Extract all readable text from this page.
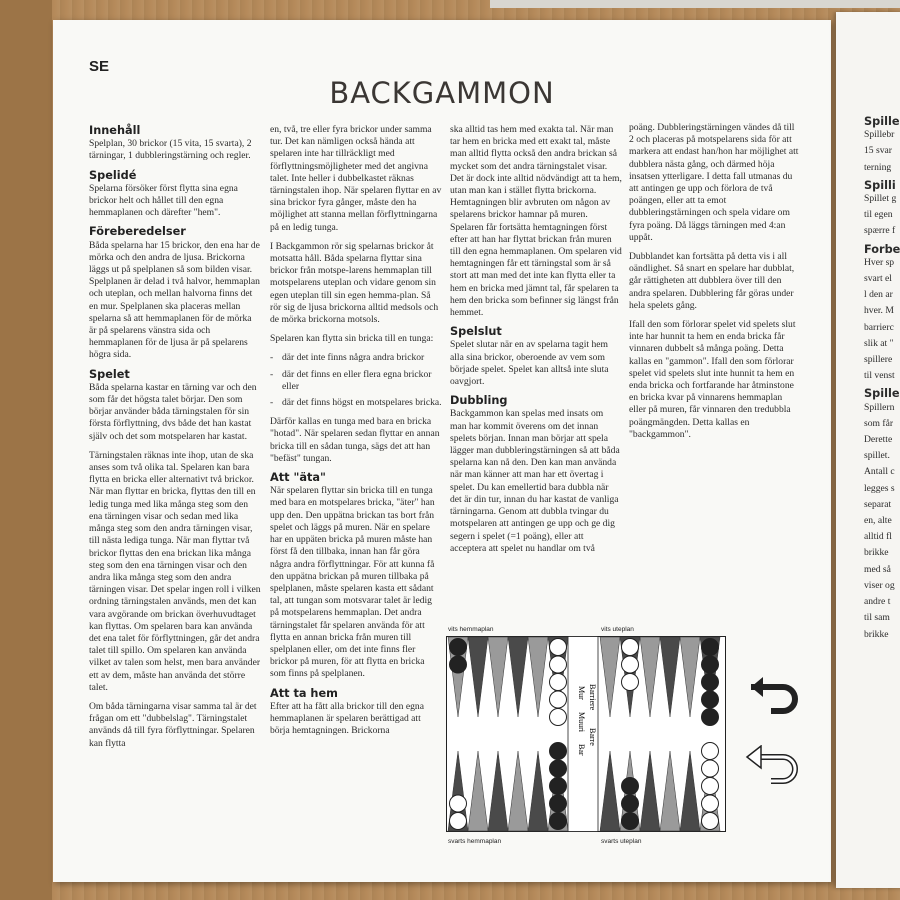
SE
BACKGAMMON
Innehåll

Spelplan, 30 brickor (15 vita, 15 svarta), 2 tärningar, 1 dubbleringstärning och regler.

Spelidé

Spelarna försöker först flytta sina egna brickor helt och hållet till den egna hemmaplanen och därefter "hem".

Föreberedelser

Båda spelarna har 15 brickor, den ena har de mörka och den andra de ljusa. Brickorna läggs ut på spelplanen så som bilden visar. Spelplanen är delad i två halvor, hemmaplan och uteplan, och mellan halvorna finns det en mur. Spelplanen ska placeras mellan spelarna så att hemmaplanen för de mörka är på spelarens vänstra sida och hemmaplanen för de ljusa är på spelarens högra sida.

Spelet

Båda spelarna kastar en tärning var och den som får det högsta talet börjar. Den som börjar använder båda tärningstalen för sin första förflyttning, dvs både det han kastat själv och det som motspelaren har kastat.

Tärningstalen räknas inte ihop, utan de ska anses som två olika tal. Spelaren kan bara flytta en bricka eller alternativt två brickor. När man flyttar en bricka, flyttas den till en ledig tunga med lika många steg som den ena tärningen visar och sedan med lika många steg som den andra tärningen visar, till nästa lediga tunga. När man flyttar två brickor flyttas den ena brickan lika många steg som den ena tärningen visar och den andra lika många steg som den andra tärningen visar. Det spelar ingen roll i vilken ordning tärningstalen används, men det kan vara avgörande om brickan överhuvudtaget kan flyttas. Om spelaren bara kan använda det ena talet för förflyttningen, går det andra talet till spillo. Om spelaren kan använda vilket av talen som helst, men bara använder ett av dem, måste han använda det större talet.

Om båda tärningarna visar samma tal är det frågan om ett "dubbelslag". Tärningstalet används då till fyra förflyttningar. Spelaren kan flytta

en, två, tre eller fyra brickor under samma tur. Det kan nämligen också hända att spelaren inte har tillräckligt med förflyttningsmöjligheter med det angivna talet. Inte heller i dubbelkastet räknas tärningstalen ihop. När spelaren flyttar en av sina brickor fyra gånger, måste den ha möjlighet att stanna mellan förflyttningarna på en ledig tunga.

I Backgammon rör sig spelarnas brickor åt motsatta håll. Båda spelarna flyttar sina brickor från motspe-larens hemmaplan till motspelarens uteplan och vidare genom sin egen uteplan till sin egen hemma-plan. Så rör sig de ljusa brickorna alltid medsols och de mörka brickorna motsols.

Spelaren kan flytta sin bricka till en tunga:

- där det inte finns några andra brickor
- där det finns en eller flera egna brickor eller
- där det finns högst en motspelares bricka.

Därför kallas en tunga med bara en bricka "hotad". När spelaren sedan flyttar en annan bricka till en sådan tunga, sägs det att han "befäst" tungan.

Att "äta"

När spelaren flyttar sin bricka till en tunga med bara en motspelares bricka, "äter" han upp den. Den uppätna brickan tas bort från spelet och läggs på muren. När en spelare har en uppäten bricka på muren måste han först få den tillbaka, innan han får göra några andra förflyttningar. För att kunna få den uppätna brickan på muren tillbaka på spelplanen, måste spelaren kasta ett sådant tal, att tungan som motsvarar talet är ledig på motspelarens hemmaplan. Det andra tärningstalet får spelaren använda för att flytta en annan bricka från muren till spelplanen eller, om det inte finns fler brickor på muren, för att flytta en bricka som finns på spelplanen.

Att ta hem

Efter att ha fått alla brickor till den egna hemmaplanen är spelaren berättigad att börja hemtagningen. Brickorna

ska alltid tas hem med exakta tal. När man tar hem en bricka med ett exakt tal, måste man alltid flytta också den andra brickan så mycket som det andra tärningstalet visar. Det är dock inte alltid nödvändigt att ta hem, utan man kan i stället flytta brickorna. Hemtagningen blir avbruten om någon av spelarens brickor hamnar på muren. Spelaren får fortsätta hemtagningen först efter att han har flyttat brickan från muren till den egna hemmaplanen. Om spelaren vid hemtagningen får ett tärningstal som är så stort att man med det inte kan flytta eller ta hem en bricka med jämnt tal, får spelaren ta hem den bricka som befinner sig längst från hemmet.

Spelslut

Spelet slutar när en av spelarna tagit hem alla sina brickor, oberoende av vem som började spelet. Spelet kan alltså inte sluta oavgjort.

Dubbling

Backgammon kan spelas med insats om man har kommit överens om det innan spelets början. Innan man börjar att spela lägger man dubbleringstärningen så att båda spelarna kan nå den. Den kan man använda när man känner att man har ett övertag i spelet. Du kan emellertid bara dubbla när det är din tur, innan du har kastat de vanliga tärningarna. Genom att dubbla tvingar du motspelaren att antingen ge upp och ge dig segern i spelet (=1 poäng), eller att acceptera att spelet nu handlar om två

poäng. Dubbleringstärningen vändes då till 2 och placeras på motspelarens sida för att markera att endast han/hon har möjlighet att dubblera nästa gång, och därmed höja insatsen ytterligare. I detta fall utmanas du att antingen ge upp och förlora de två poängen, eller att ta emot dubbleringstärningen och spela vidare om fyra poäng. Då läggs tärningen med 4:an uppåt.

Dubblandet kan fortsätta på detta vis i all oändlighet. Så snart en spelare har dubblat, går rättigheten att dubblera över till den andra spelaren. Dubblering får göras under hela spelets gång.

Ifall den som förlorar spelet vid spelets slut inte har hunnit ta hem en enda bricka får vinnaren dubbelt så många poäng. Detta kallas en "gammon". Ifall den som förlorar spelet vid spelets slut inte hunnit ta hem en enda bricka och fortfarande har åtminstone en bricka kvar på vinnarens hemmaplan eller på muren, får vinnaren den tredubbla poängmängden. Detta kallas en "backgammon".

vits hemmaplan	vits uteplan
svarts hemmaplan	svarts uteplan
Mur
Muuri
Bar
Barriere
Barre
Spille

Spillebr

15 svar

terning

Spilli

Spillet g

til egen

spærre f

Forbe

Hver sp

svart el

l den ar

hver. M

barrierc

slik at "

spillere

til venst

Spille

Spillern

som får

Derette

spillet.

Antall c

legges s

separat

en, alte

alltid fl

brikke

med så

viser og

andre t

til sam

brikke
